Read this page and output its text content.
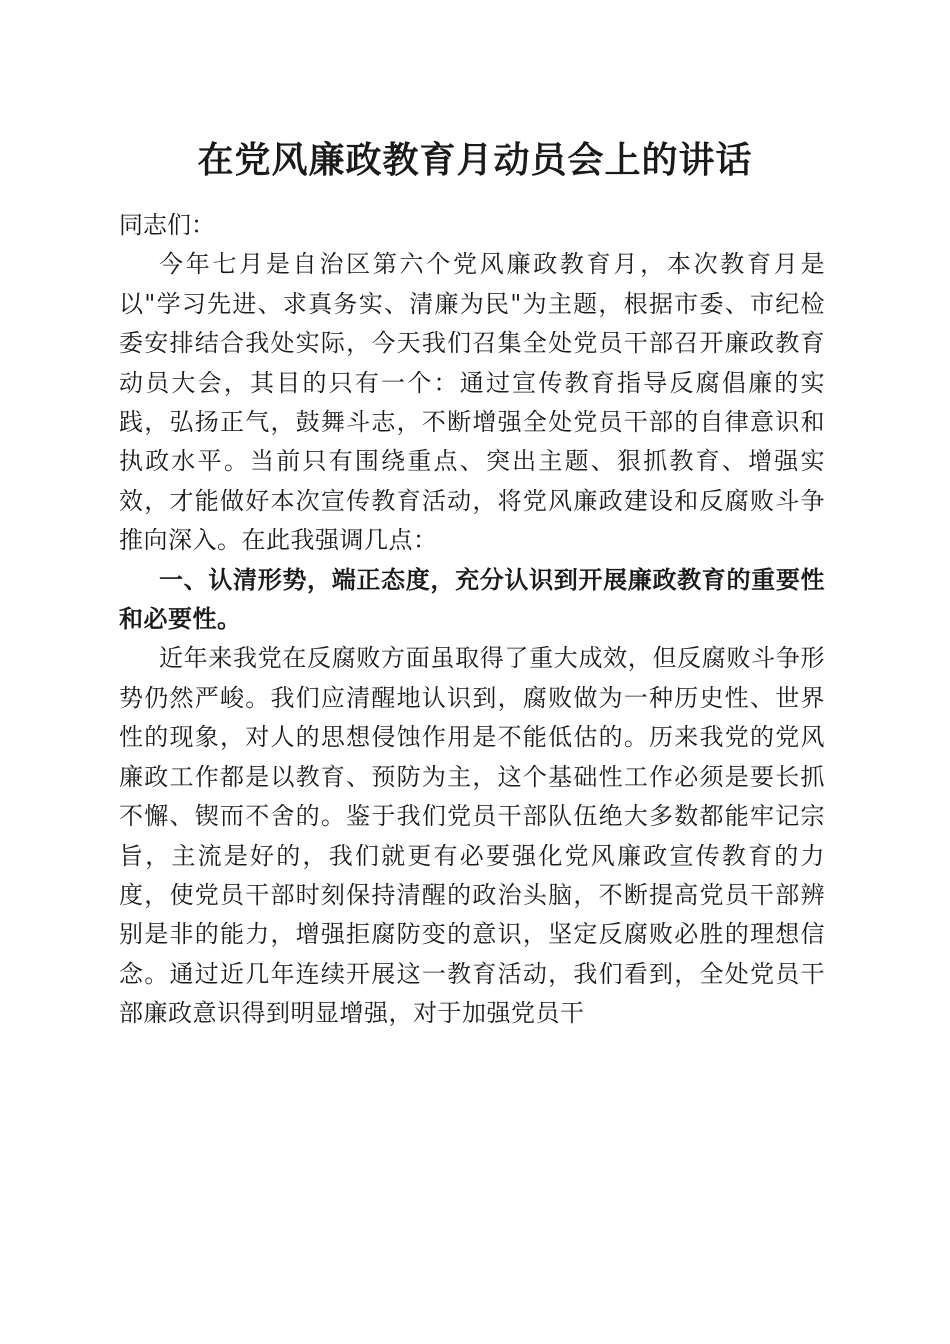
在党风廉政教育月动员会上的讲话

同志们：

今年七月是自治区第六个党风廉政教育月，本次教育月是以"学习先进、求真务实、清廉为民"为主题，根据市委、市纪检委安排结合我处实际，今天我们召集全处党员干部召开廉政教育动员大会，其目的只有一个：通过宣传教育指导反腐倡廉的实践，弘扬正气，鼓舞斗志，不断增强全处党员干部的自律意识和执政水平。当前只有围绕重点、突出主题、狠抓教育、增强实效，才能做好本次宣传教育活动，将党风廉政建设和反腐败斗争推向深入。在此我强调几点：

一、认清形势，端正态度，充分认识到开展廉政教育的重要性和必要性。

近年来我党在反腐败方面虽取得了重大成效，但反腐败斗争形势仍然严峻。我们应清醒地认识到，腐败做为一种历史性、世界性的现象，对人的思想侵蚀作用是不能低估的。历来我党的党风廉政工作都是以教育、预防为主，这个基础性工作必须是要长抓不懈、锲而不舍的。鉴于我们党员干部队伍绝大多数都能牢记宗旨，主流是好的，我们就更有必要强化党风廉政宣传教育的力度，使党员干部时刻保持清醒的政治头脑，不断提高党员干部辨别是非的能力，增强拒腐防变的意识，坚定反腐败必胜的理想信念。通过近几年连续开展这一教育活动，我们看到，全处党员干部廉政意识得到明显增强，对于加强党员干
